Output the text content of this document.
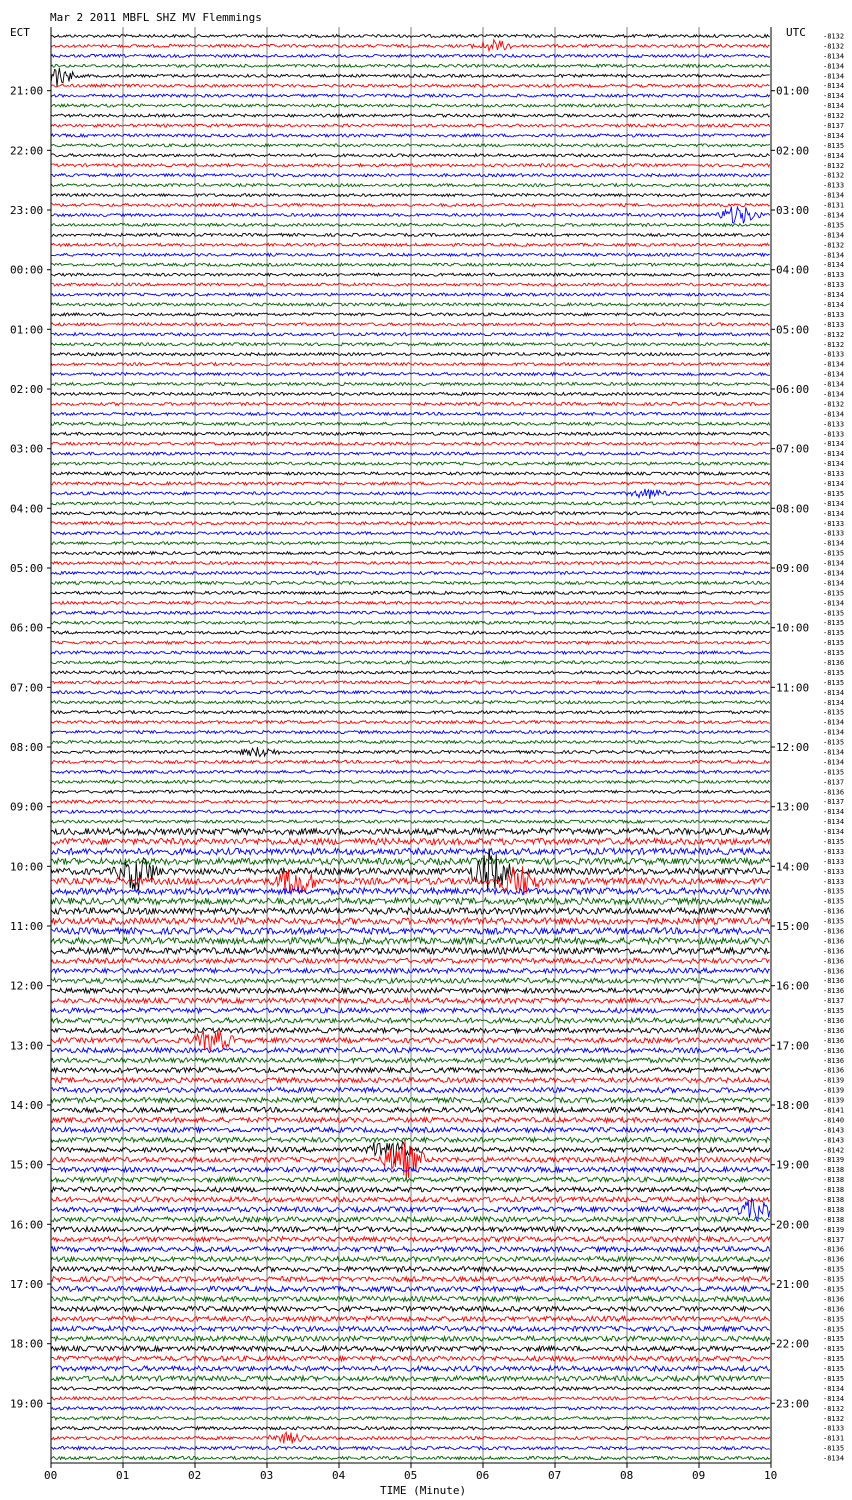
Mar 2 2011 MBFL SHZ MV Flemmings
ECT	UTC
21:00
22:00
23:00
00:00
01:00
02:00
03:00
04:00
05:00
06:00
07:00
08:00
09:00
10:00
11:00
12:00
13:00
14:00
15:00
16:00
17:00
18:00
19:00
01:00
02:00
03:00
04:00
05:00
06:00
07:00
08:00
09:00
10:00
11:00
12:00
13:00
14:00
15:00
16:00
17:00
18:00
19:00
20:00
21:00
22:00
23:00
-8132
-8132
-8134
-8134
-8134
-8134
-8134
-8134
-8132
-8137
-8134
-8135
-8134
-8132
-8132
-8133
-8134
-8131
-8134
-8135
-8134
-8132
-8134
-8134
-8133
-8133
-8134
-8134
-8133
-8133
-8132
-8132
-8133
-8134
-8134
-8134
-8134
-8132
-8134
-8133
-8133
-8134
-8134
-8134
-8133
-8134
-8135
-8134
-8134
-8133
-8133
-8134
-8135
-8134
-8134
-8134
-8135
-8134
-8135
-8135
-8135
-8135
-8135
-8136
-8135
-8135
-8134
-8134
-8135
-8134
-8134
-8135
-8134
-8134
-8135
-8137
-8136
-8137
-8134
-8134
-8134
-8135
-8133
-8133
-8133
-8133
-8135
-8135
-8136
-8135
-8136
-8136
-8136
-8136
-8136
-8136
-8136
-8137
-8135
-8136
-8136
-8136
-8136
-8136
-8136
-8139
-8139
-8139
-8141
-8140
-8143
-8143
-8142
-8139
-8138
-8138
-8138
-8138
-8138
-8138
-8139
-8137
-8136
-8136
-8135
-8135
-8135
-8136
-8136
-8135
-8135
-8135
-8135
-8135
-8135
-8135
-8134
-8134
-8132
-8132
-8133
-8131
-8135
-8134
00	01	02	03	04	05	06	07	08	09	10
TIME (Minute)
